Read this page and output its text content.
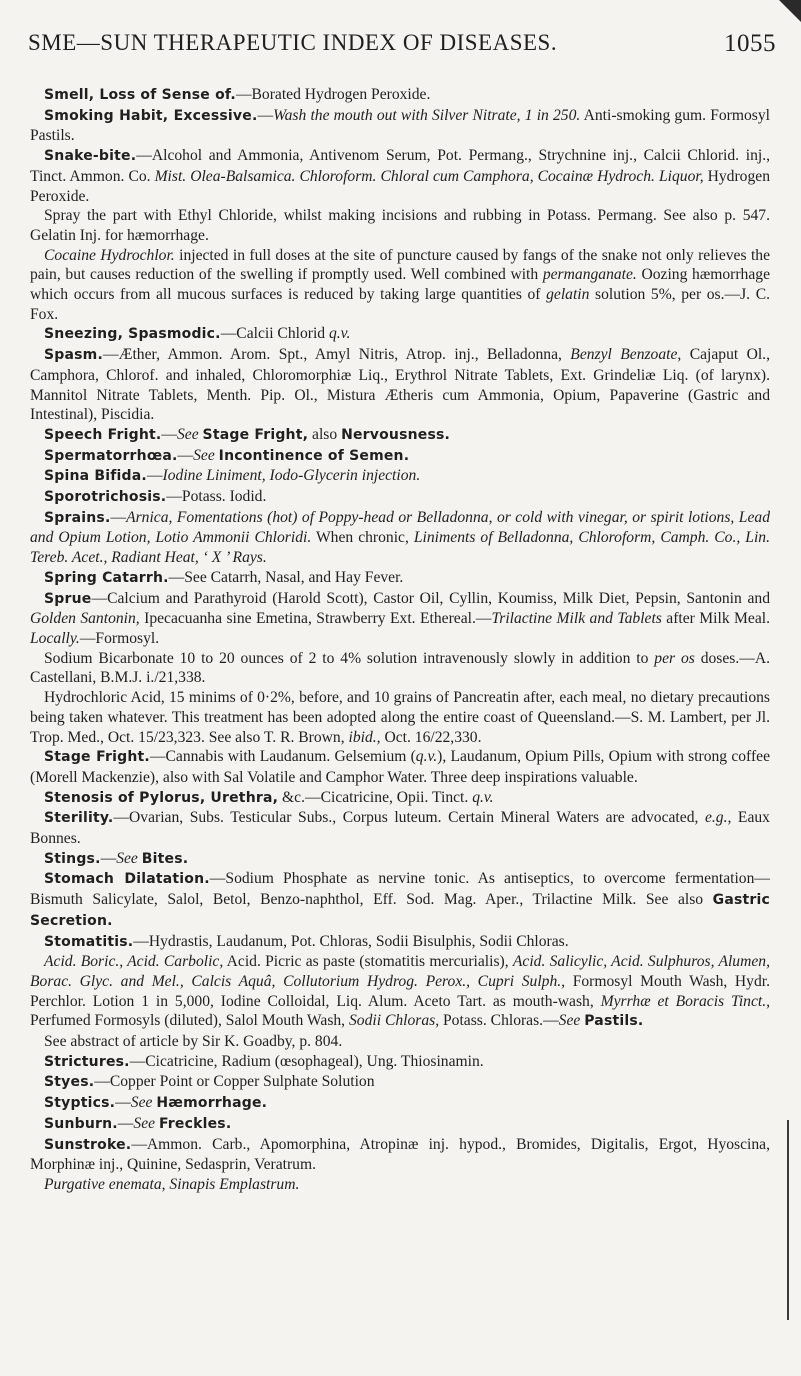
SME—SUN THERAPEUTIC INDEX OF DISEASES.	1055

Smell, Loss of Sense of.—Borated Hydrogen Peroxide.

Smoking Habit, Excessive.—Wash the mouth out with Silver Nitrate, 1 in 250. Anti-smoking gum. Formosyl Pastils.

Snake-bite.—Alcohol and Ammonia, Antivenom Serum, Pot. Permang., Strychnine inj., Calcii Chlorid. inj., Tinct. Ammon. Co. Mist. Olea-Balsamica. Chloroform. Chloral cum Camphora, Cocainæ Hydroch. Liquor, Hydrogen Peroxide.

Spray the part with Ethyl Chloride, whilst making incisions and rubbing in Potass. Permang. See also p. 547. Gelatin Inj. for hæmorrhage.

Cocaine Hydrochlor. injected in full doses at the site of puncture caused by fangs of the snake not only relieves the pain, but causes reduction of the swelling if promptly used. Well combined with permanganate. Oozing hæmorrhage which occurs from all mucous surfaces is reduced by taking large quantities of gelatin solution 5%, per os.—J. C. Fox.

Sneezing, Spasmodic.—Calcii Chlorid q.v.

Spasm.—Æther, Ammon. Arom. Spt., Amyl Nitris, Atrop. inj., Belladonna, Benzyl Benzoate, Cajaput Ol., Camphora, Chlorof. and inhaled, Chloromorphiæ Liq., Erythrol Nitrate Tablets, Ext. Grindeliæ Liq. (of larynx). Mannitol Nitrate Tablets, Menth. Pip. Ol., Mistura Ætheris cum Ammonia, Opium, Papaverine (Gastric and Intestinal), Piscidia.

Speech Fright.—See Stage Fright, also Nervousness.

Spermatorrhœa.—See Incontinence of Semen.

Spina Bifida.—Iodine Liniment, Iodo-Glycerin injection.

Sporotrichosis.—Potass. Iodid.

Sprains.—Arnica, Fomentations (hot) of Poppy-head or Belladonna, or cold with vinegar, or spirit lotions, Lead and Opium Lotion, Lotio Ammonii Chloridi. When chronic, Liniments of Belladonna, Chloroform, Camph. Co., Lin. Tereb. Acet., Radiant Heat, ‘ X ’ Rays.

Spring Catarrh.—See Catarrh, Nasal, and Hay Fever.

Sprue—Calcium and Parathyroid (Harold Scott), Castor Oil, Cyllin, Koumiss, Milk Diet, Pepsin, Santonin and Golden Santonin, Ipecacuanha sine Emetina, Strawberry Ext. Ethereal.—Trilactine Milk and Tablets after Milk Meal. Locally.—Formosyl.

Sodium Bicarbonate 10 to 20 ounces of 2 to 4% solution intravenously slowly in addition to per os doses.—A. Castellani, B.M.J. i./21,338.

Hydrochloric Acid, 15 minims of 0·2%, before, and 10 grains of Pancreatin after, each meal, no dietary precautions being taken whatever. This treatment has been adopted along the entire coast of Queensland.—S. M. Lambert, per Jl. Trop. Med., Oct. 15/23,323. See also T. R. Brown, ibid., Oct. 16/22,330.

Stage Fright.—Cannabis with Laudanum. Gelsemium (q.v.), Laudanum, Opium Pills, Opium with strong coffee (Morell Mackenzie), also with Sal Volatile and Camphor Water. Three deep inspirations valuable.

Stenosis of Pylorus, Urethra, &c.—Cicatricine, Opii. Tinct. q.v.

Sterility.—Ovarian, Subs. Testicular Subs., Corpus luteum. Certain Mineral Waters are advocated, e.g., Eaux Bonnes.

Stings.—See Bites.

Stomach Dilatation.—Sodium Phosphate as nervine tonic. As antiseptics, to overcome fermentation—Bismuth Salicylate, Salol, Betol, Benzo-naphthol, Eff. Sod. Mag. Aper., Trilactine Milk. See also Gastric Secretion.

Stomatitis.—Hydrastis, Laudanum, Pot. Chloras, Sodii Bisulphis, Sodii Chloras.

Acid. Boric., Acid. Carbolic, Acid. Picric as paste (stomatitis mercurialis), Acid. Salicylic, Acid. Sulphuros, Alumen, Borac. Glyc. and Mel., Calcis Aquâ, Collutorium Hydrog. Perox., Cupri Sulph., Formosyl Mouth Wash, Hydr. Perchlor. Lotion 1 in 5,000, Iodine Colloidal, Liq. Alum. Aceto Tart. as mouth-wash, Myrrhæ et Boracis Tinct., Perfumed Formosyls (diluted), Salol Mouth Wash, Sodii Chloras, Potass. Chloras.—See Pastils.

See abstract of article by Sir K. Goadby, p. 804.

Strictures.—Cicatricine, Radium (œsophageal), Ung. Thiosinamin.

Styes.—Copper Point or Copper Sulphate Solution

Styptics.—See Hæmorrhage.

Sunburn.—See Freckles.

Sunstroke.—Ammon. Carb., Apomorphina, Atropinæ inj. hypod., Bromides, Digitalis, Ergot, Hyoscina, Morphinæ inj., Quinine, Sedasprin, Veratrum.

Purgative enemata, Sinapis Emplastrum.
